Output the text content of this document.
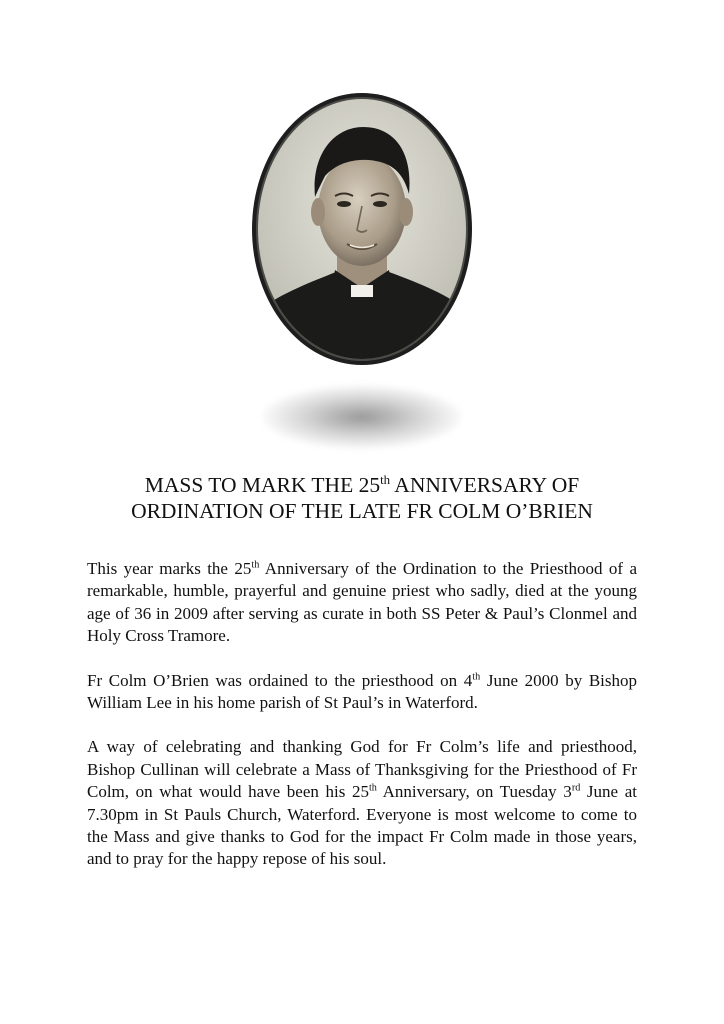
MASS TO MARK THE 25th ANNIVERSARY OF
ORDINATION OF THE LATE FR COLM O’BRIEN

This year marks the 25th Anniversary of the Ordination to the Priesthood of a remarkable, humble, prayerful and genuine priest who sadly, died at the young age of 36 in 2009 after serving as curate in both SS Peter & Paul’s Clonmel and Holy Cross Tramore.

Fr Colm O’Brien was ordained to the priesthood on 4th June 2000 by Bishop William Lee in his home parish of St Paul’s in Waterford.

A way of celebrating and thanking God for Fr Colm’s life and priesthood, Bishop Cullinan will celebrate a Mass of Thanksgiving for the Priesthood of Fr Colm, on what would have been his 25th Anniversary, on Tuesday 3rd June at 7.30pm in St Pauls Church, Waterford. Everyone is most welcome to come to the Mass and give thanks to God for the impact Fr Colm made in those years, and to pray for the happy repose of his soul.
